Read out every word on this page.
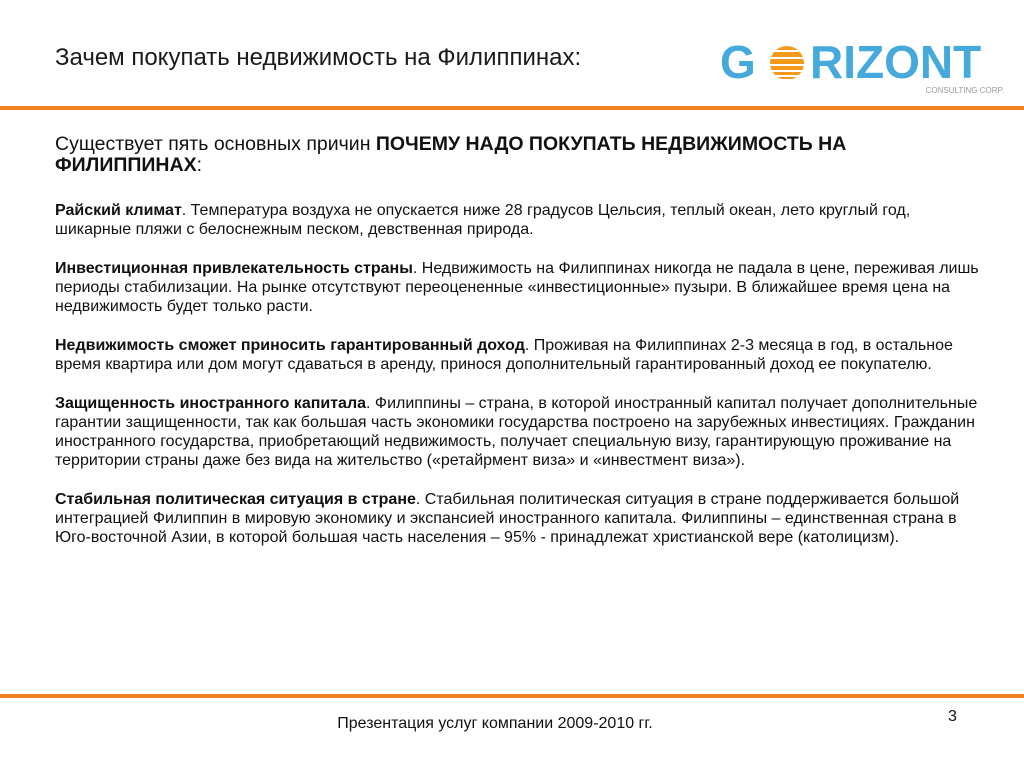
Зачем покупать недвижимость на Филиппинах:	G RIZONT
CONSULTING CORP.

Существует пять основных причин ПОЧЕМУ НАДО ПОКУПАТЬ НЕДВИЖИМОСТЬ НА ФИЛИППИНАХ:

Райский климат. Температура воздуха не опускается ниже 28 градусов Цельсия, теплый океан, лето круглый год, шикарные пляжи с белоснежным песком, девственная природа.

Инвестиционная привлекательность страны. Недвижимость на Филиппинах никогда не падала в цене, переживая лишь периоды стабилизации. На рынке отсутствуют переоцененные «инвестиционные» пузыри. В ближайшее время цена на недвижимость будет только расти.

Недвижимость сможет приносить гарантированный доход. Проживая на Филиппинах 2-3 месяца в год, в остальное время квартира или дом могут сдаваться в аренду, принося дополнительный гарантированный доход ее покупателю.

Защищенность иностранного капитала. Филиппины – страна, в которой иностранный капитал получает дополнительные гарантии защищенности, так как большая часть экономики государства построено на зарубежных инвестициях. Гражданин иностранного государства, приобретающий недвижимость, получает специальную визу, гарантирующую проживание на территории страны даже без вида на жительство («ретайрмент виза» и «инвестмент виза»).

Стабильная политическая ситуация в стране. Стабильная политическая ситуация в стране поддерживается большой интеграцией Филиппин в мировую экономику и экспансией иностранного капитала. Филиппины – единственная страна в Юго-восточной Азии, в которой большая часть населения – 95% - принадлежат христианской вере (католицизм).

Презентация услуг компании 2009-2010 гг.	3
